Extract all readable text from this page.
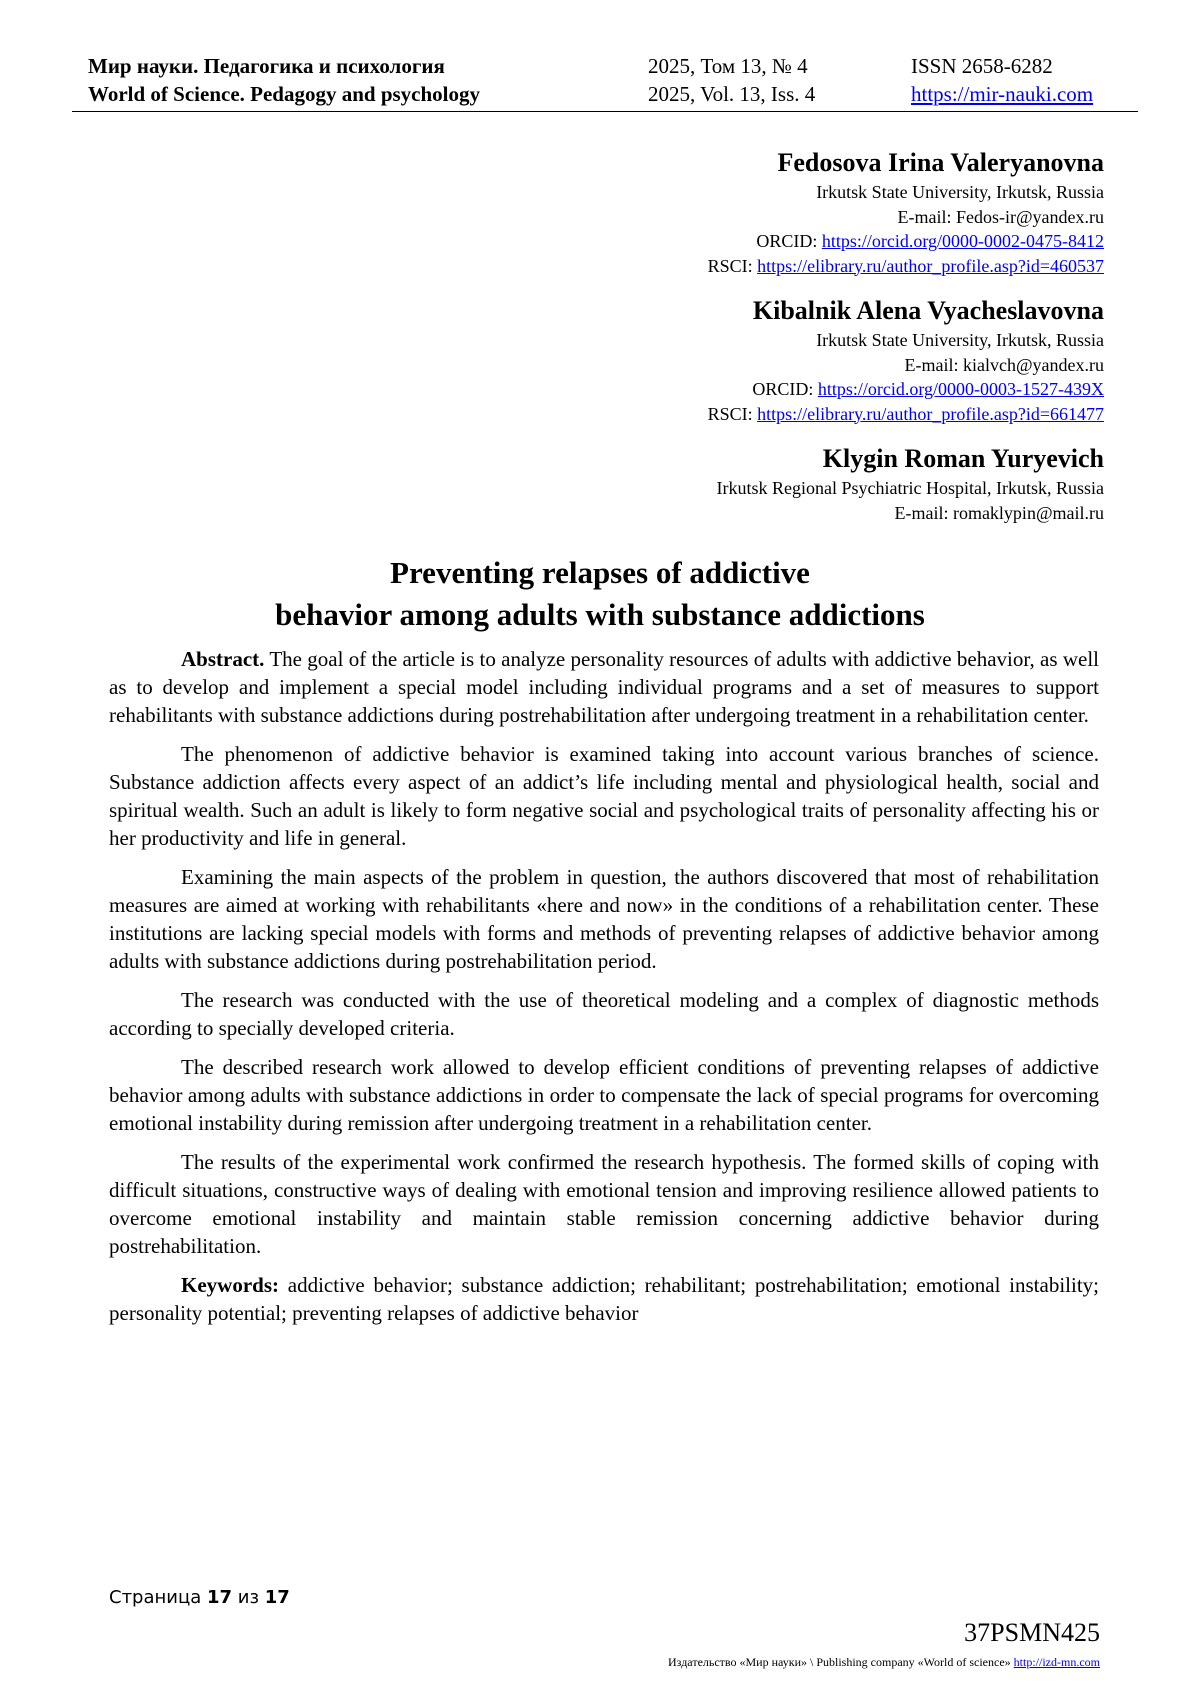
Мир науки. Педагогика и психология
World of Science. Pedagogy and psychology
2025, Том 13, № 4
2025, Vol. 13, Iss. 4
ISSN 2658-6282
https://mir-nauki.com
Fedosova Irina Valeryanovna
Irkutsk State University, Irkutsk, Russia
E-mail: Fedos-ir@yandex.ru
ORCID: https://orcid.org/0000-0002-0475-8412
RSCI: https://elibrary.ru/author_profile.asp?id=460537
Kibalnik Alena Vyacheslavovna
Irkutsk State University, Irkutsk, Russia
E-mail: kialvch@yandex.ru
ORCID: https://orcid.org/0000-0003-1527-439X
RSCI: https://elibrary.ru/author_profile.asp?id=661477
Klygin Roman Yuryevich
Irkutsk Regional Psychiatric Hospital, Irkutsk, Russia
E-mail: romaklypin@mail.ru
Preventing relapses of addictive
behavior among adults with substance addictions

Abstract. The goal of the article is to analyze personality resources of adults with addictive behavior, as well as to develop and implement a special model including individual programs and a set of measures to support rehabilitants with substance addictions during postrehabilitation after undergoing treatment in a rehabilitation center.

The phenomenon of addictive behavior is examined taking into account various branches of science. Substance addiction affects every aspect of an addict’s life including mental and physiological health, social and spiritual wealth. Such an adult is likely to form negative social and psychological traits of personality affecting his or her productivity and life in general.

Examining the main aspects of the problem in question, the authors discovered that most of rehabilitation measures are aimed at working with rehabilitants «here and now» in the conditions of a rehabilitation center. These institutions are lacking special models with forms and methods of preventing relapses of addictive behavior among adults with substance addictions during postrehabilitation period.

The research was conducted with the use of theoretical modeling and a complex of diagnostic methods according to specially developed criteria.

The described research work allowed to develop efficient conditions of preventing relapses of addictive behavior among adults with substance addictions in order to compensate the lack of special programs for overcoming emotional instability during remission after undergoing treatment in a rehabilitation center.

The results of the experimental work confirmed the research hypothesis. The formed skills of coping with difficult situations, constructive ways of dealing with emotional tension and improving resilience allowed patients to overcome emotional instability and maintain stable remission concerning addictive behavior during postrehabilitation.

Keywords: addictive behavior; substance addiction; rehabilitant; postrehabilitation; emotional instability; personality potential; preventing relapses of addictive behavior

Страница 17 из 17
37PSMN425
Издательство «Мир науки» \ Publishing company «World of science» http://izd-mn.com
